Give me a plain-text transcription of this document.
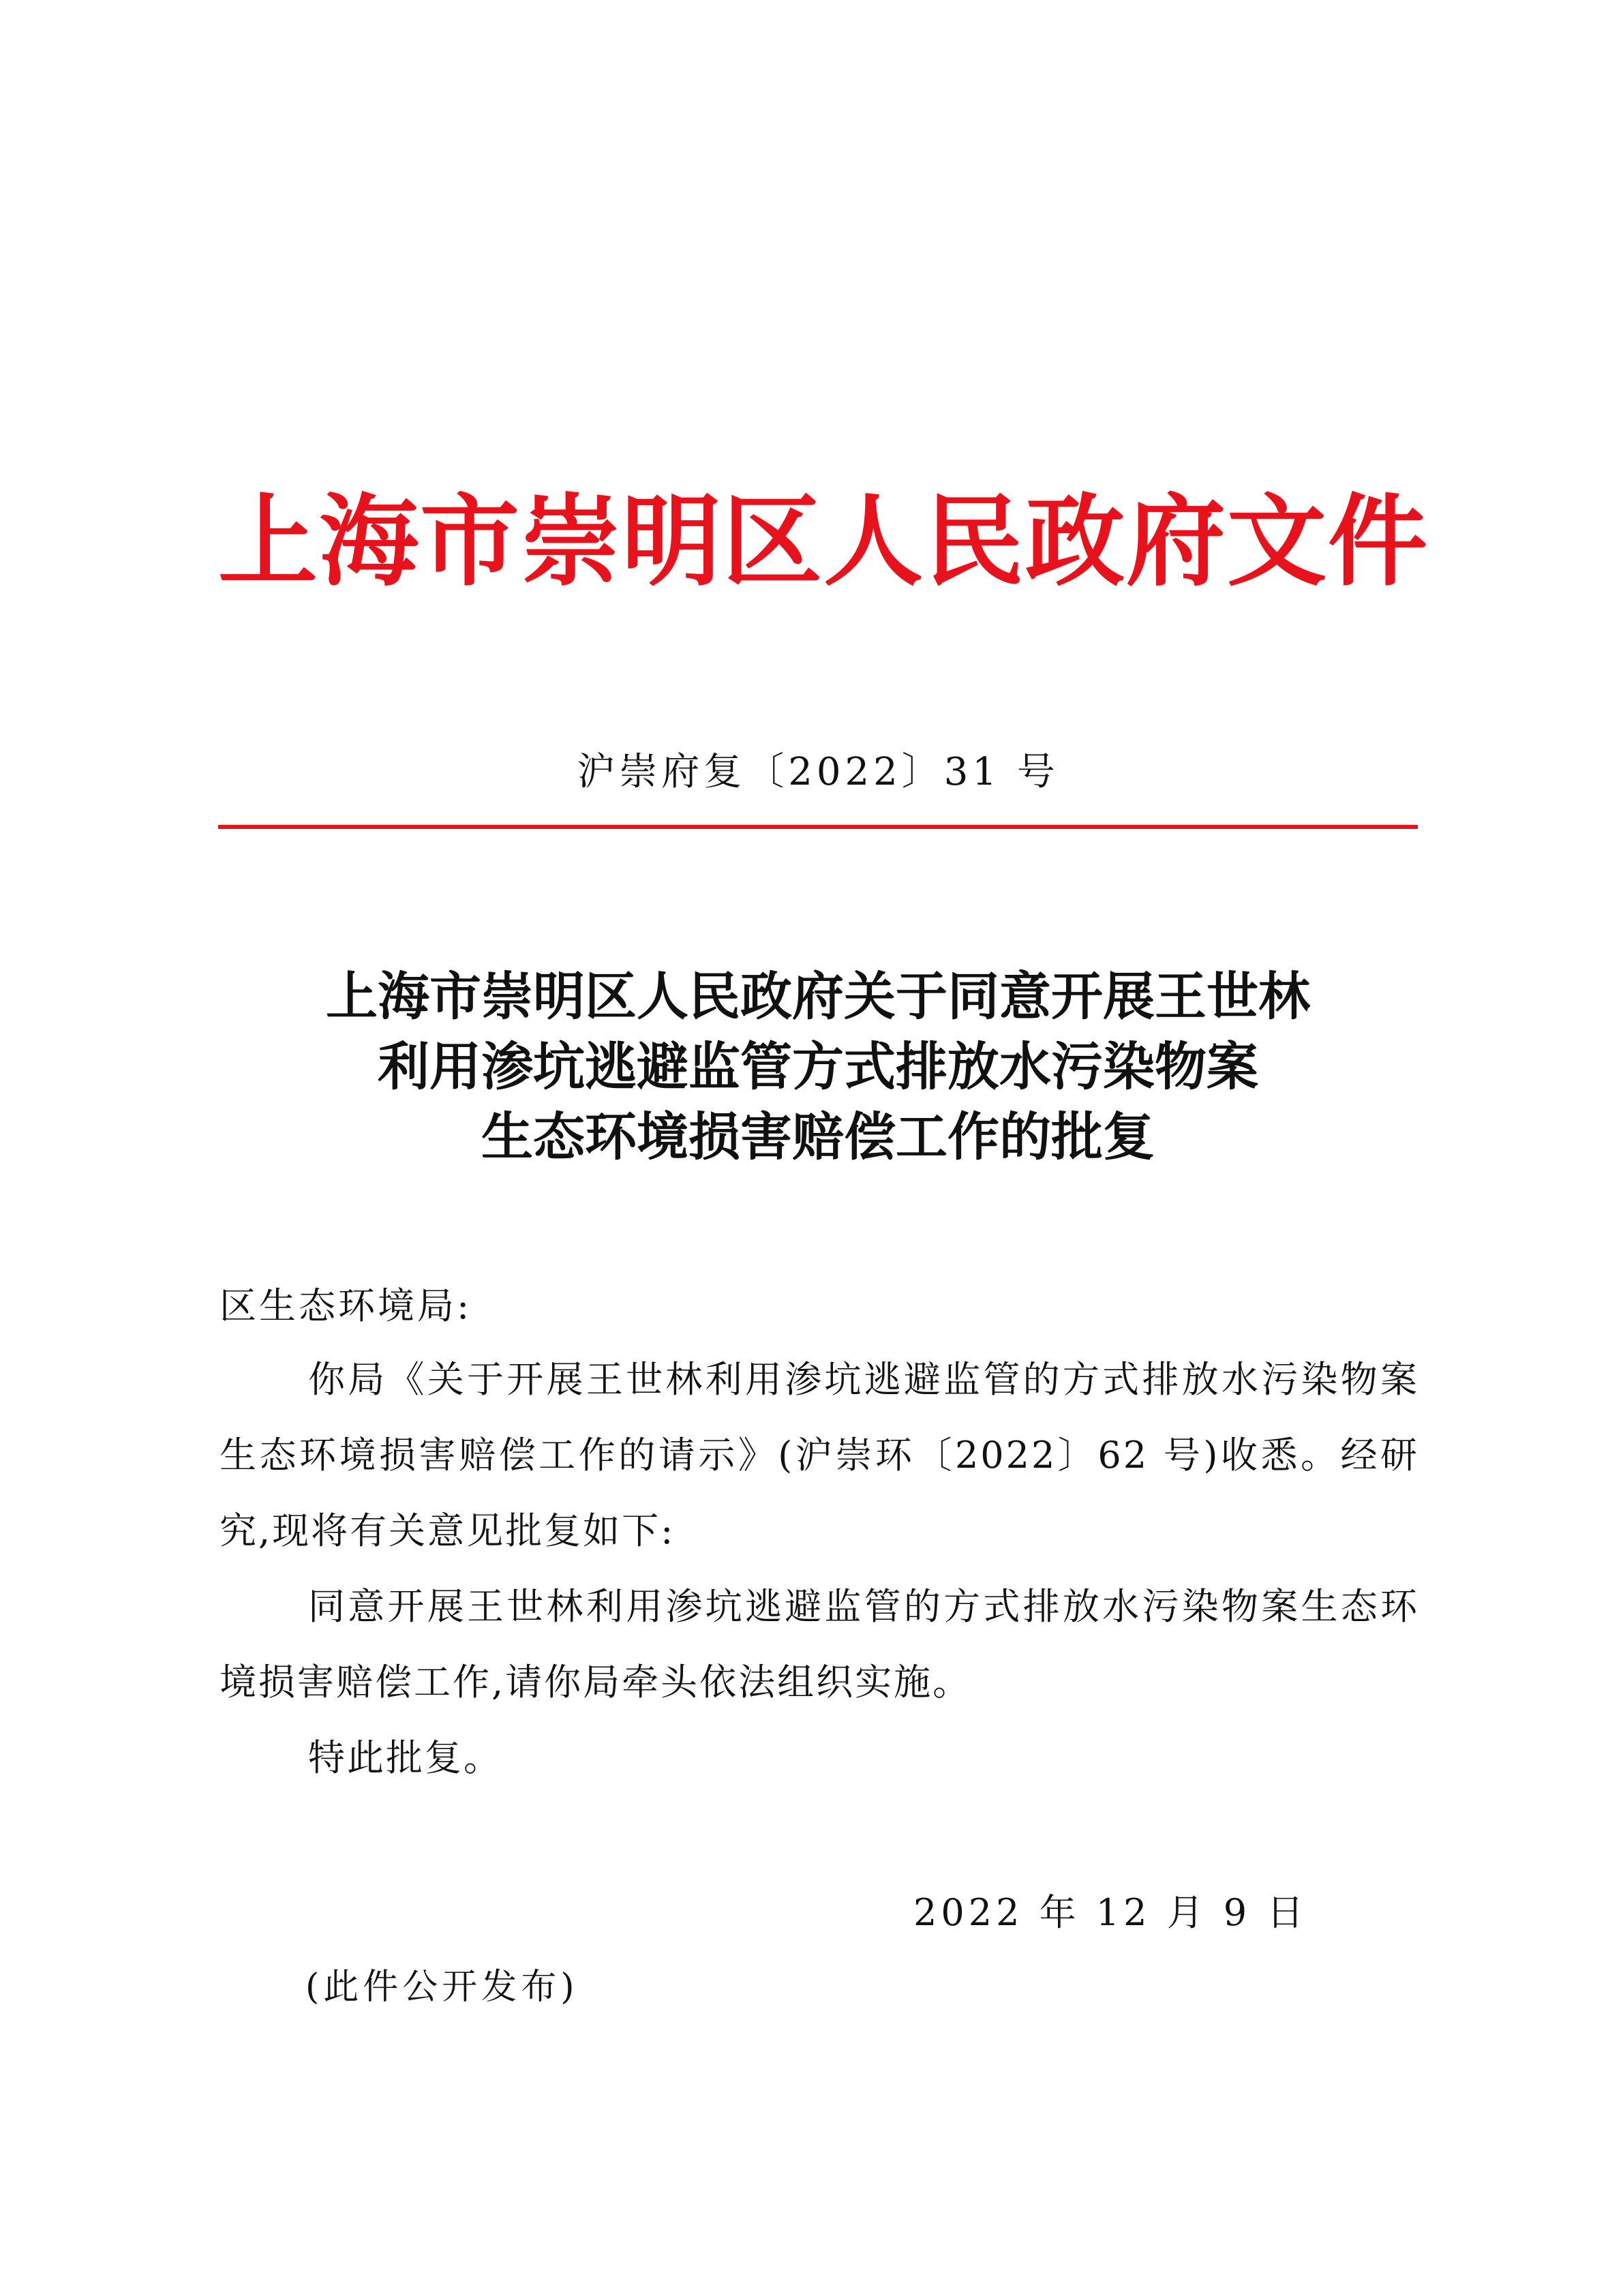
上海市崇明区人民政府文件
沪崇府复〔2022〕31 号
上海市崇明区人民政府关于同意开展王世林
利用渗坑逃避监管方式排放水污染物案
生态环境损害赔偿工作的批复
区生态环境局:
你局《关于开展王世林利用渗坑逃避监管的方式排放水污染物案生态环境损害赔偿工作的请示》(沪崇环〔2022〕62 号)收悉。经研究,现将有关意见批复如下:
同意开展王世林利用渗坑逃避监管的方式排放水污染物案生态环境损害赔偿工作,请你局牵头依法组织实施。
特此批复。
2022 年 12 月 9 日
(此件公开发布)
